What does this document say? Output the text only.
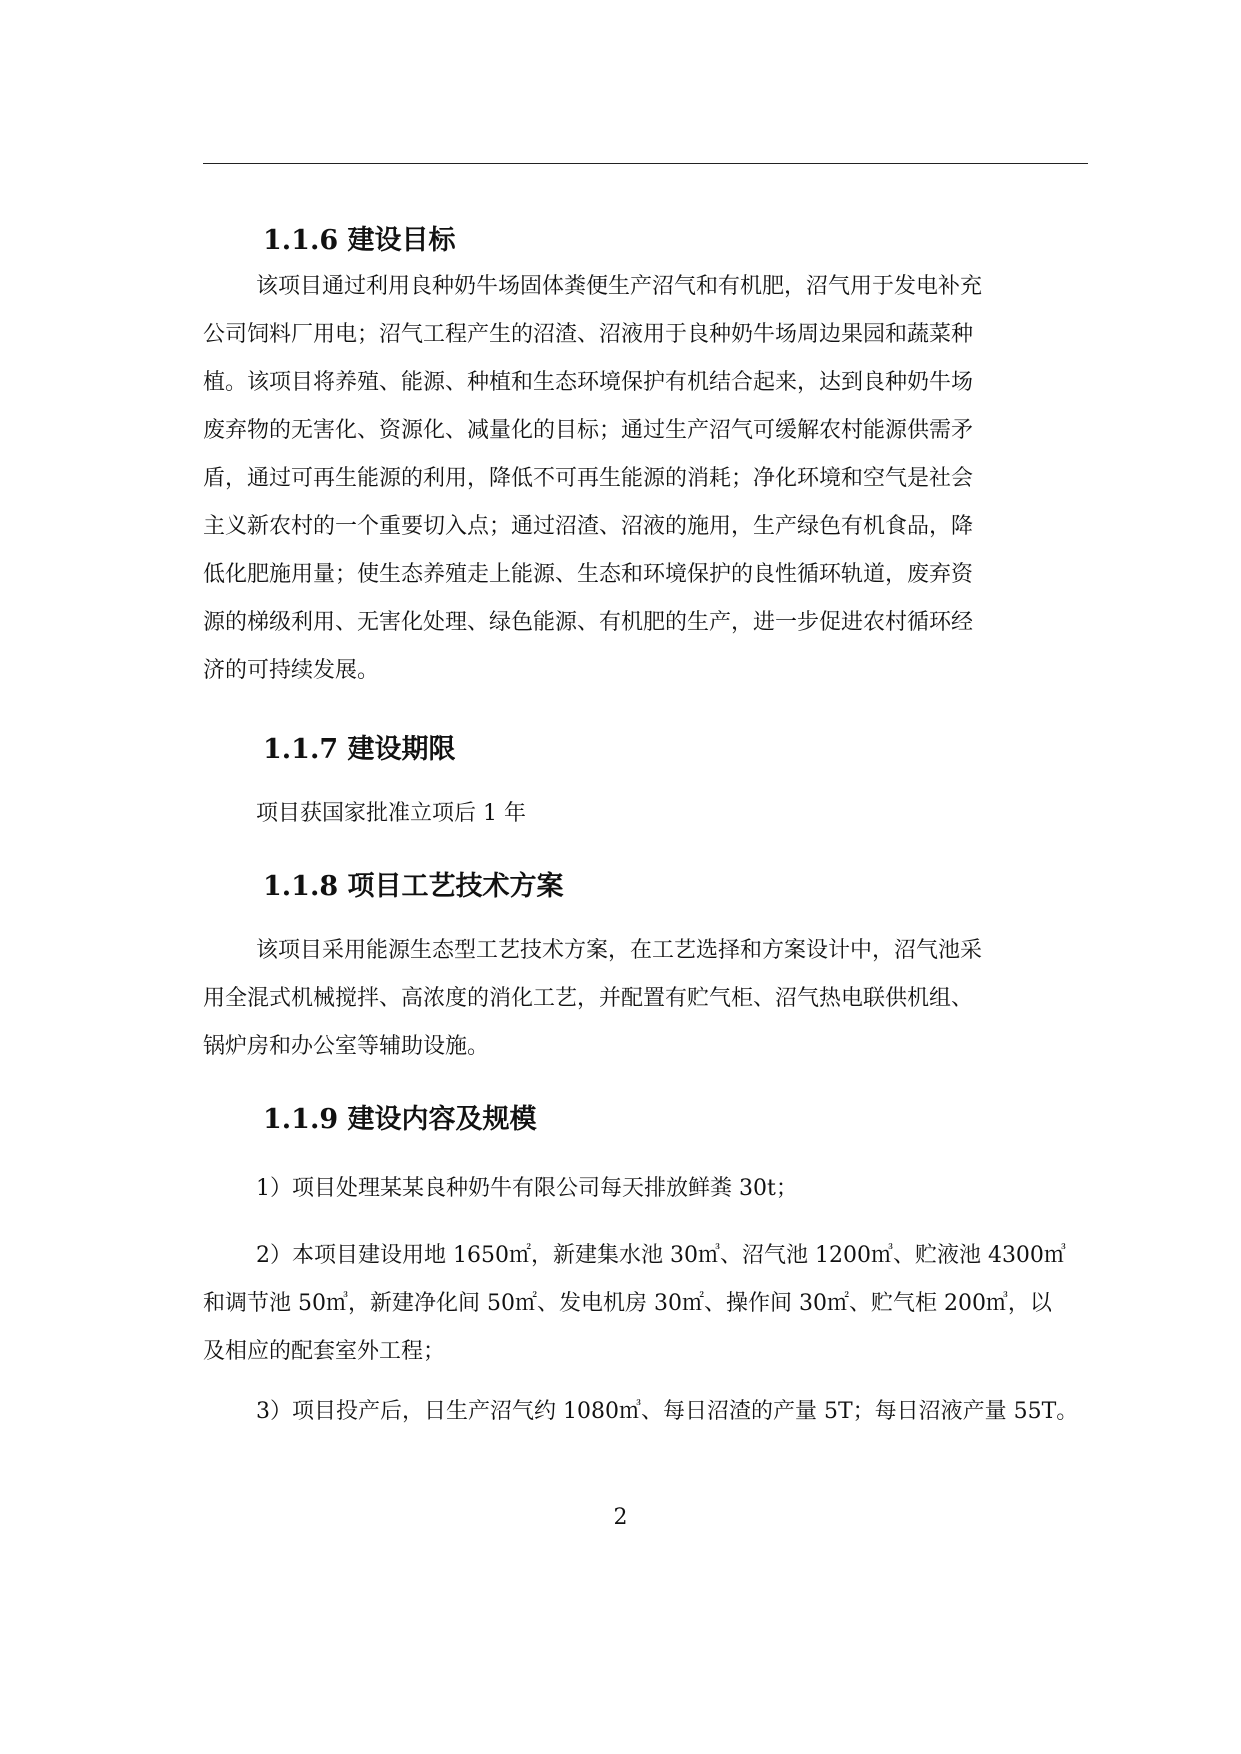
1.1.6 建设目标
该项目通过利用良种奶牛场固体粪便生产沼气和有机肥，沼气用于发电补充
公司饲料厂用电；沼气工程产生的沼渣、沼液用于良种奶牛场周边果园和蔬菜种
植。该项目将养殖、能源、种植和生态环境保护有机结合起来，达到良种奶牛场
废弃物的无害化、资源化、减量化的目标；通过生产沼气可缓解农村能源供需矛
盾，通过可再生能源的利用，降低不可再生能源的消耗；净化环境和空气是社会
主义新农村的一个重要切入点；通过沼渣、沼液的施用，生产绿色有机食品，降
低化肥施用量；使生态养殖走上能源、生态和环境保护的良性循环轨道，废弃资
源的梯级利用、无害化处理、绿色能源、有机肥的生产，进一步促进农村循环经
济的可持续发展。
1.1.7 建设期限
项目获国家批准立项后 1 年
1.1.8 项目工艺技术方案
该项目采用能源生态型工艺技术方案，在工艺选择和方案设计中，沼气池采
用全混式机械搅拌、高浓度的消化工艺，并配置有贮气柜、沼气热电联供机组、
锅炉房和办公室等辅助设施。
1.1.9 建设内容及规模
1）项目处理某某良种奶牛有限公司每天排放鲜粪 30t；
2）本项目建设用地 1650㎡，新建集水池 30㎥、沼气池 1200㎥、贮液池 4300㎥
和调节池 50㎥，新建净化间 50㎡、发电机房 30㎡、操作间 30㎡、贮气柜 200㎥，以
及相应的配套室外工程；
3）项目投产后，日生产沼气约 1080㎥、每日沼渣的产量 5T；每日沼液产量 55T。
2
